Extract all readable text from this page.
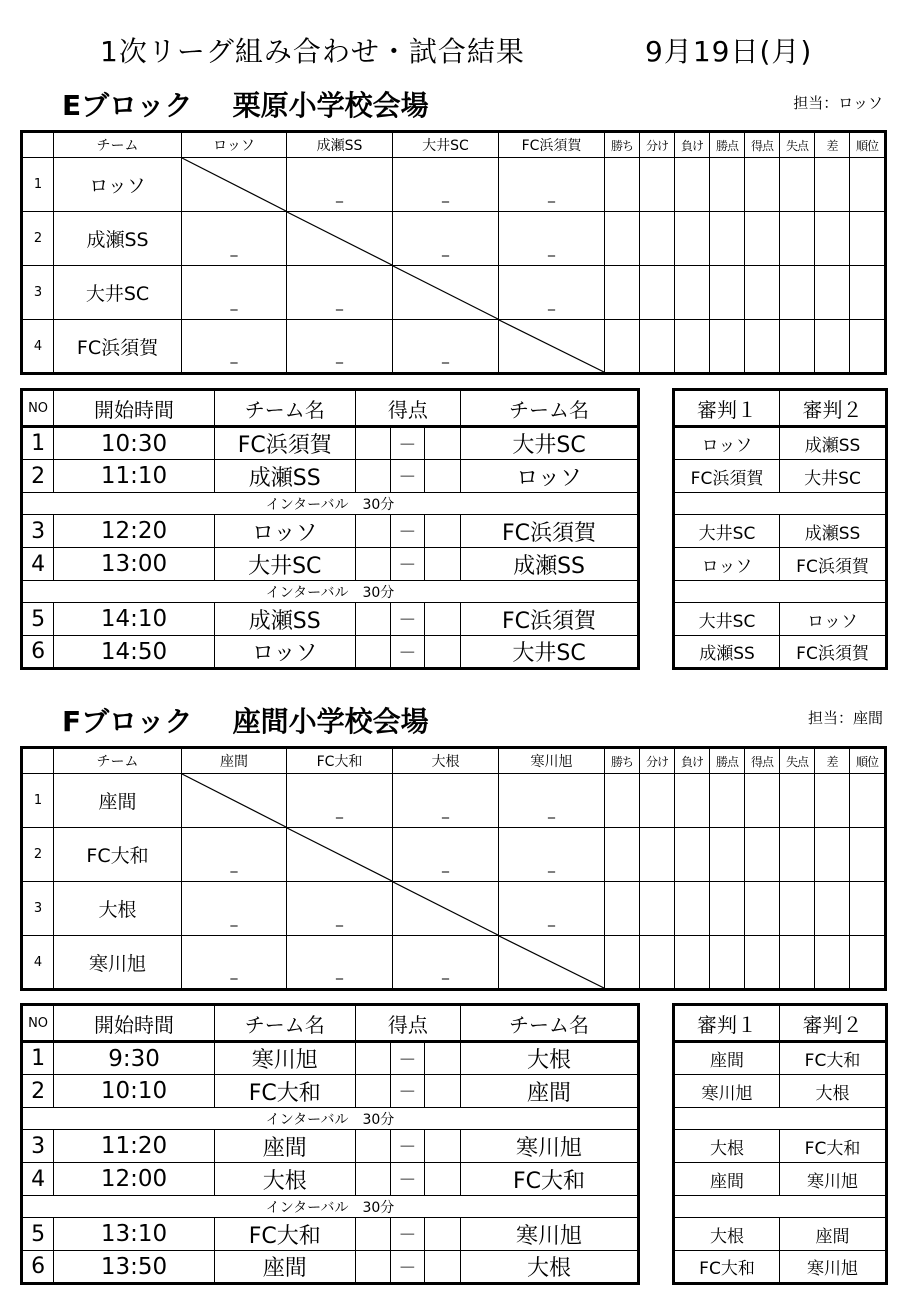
1次リーグ組み合わせ・試合結果	9月19日(月)
Eブロック 栗原小学校会場	担当：ロッソ
	チーム	ロッソ	成瀬SS	大井SC	FC浜須賀	勝ち	分け	負け	勝点	得点	失点	差	順位
1	ロッソ		_	_	_								

2	成瀬SS	_		_	_								

3	大井SC	_	_		_								

4	FC浜須賀	_	_	_

NO	開始時間	チーム名	得点			チーム名
1	10:30	FC浜須賀		－		大井SC
2	11:10	成瀬SS		－		ロッソ
インターバル　30分						
3	12:20	ロッソ		－		FC浜須賀
4	13:00	大井SC		－		成瀬SS
インターバル　30分						
5	14:10	成瀬SS		－		FC浜須賀
6	14:50	ロッソ		－		大井SC
審判１	審判２
ロッソ	成瀬SS
FC浜須賀	大井SC

大井SC	成瀬SS
ロッソ	FC浜須賀

大井SC	ロッソ
成瀬SS	FC浜須賀
Fブロック 座間小学校会場	担当：座間
	チーム	座間	FC大和	大根	寒川旭	勝ち	分け	負け	勝点	得点	失点	差	順位
1	座間		_	_	_								

2	FC大和	_		_	_								

3	大根	_	_		_								

4	寒川旭	_	_	_

NO	開始時間	チーム名	得点			チーム名
1	9:30	寒川旭		－		大根
2	10:10	FC大和		－		座間
インターバル　30分						
3	11:20	座間		－		寒川旭
4	12:00	大根		－		FC大和
インターバル　30分						
5	13:10	FC大和		－		寒川旭
6	13:50	座間		－		大根
審判１	審判２
座間	FC大和
寒川旭	大根

大根	FC大和
座間	寒川旭

大根	座間
FC大和	寒川旭
